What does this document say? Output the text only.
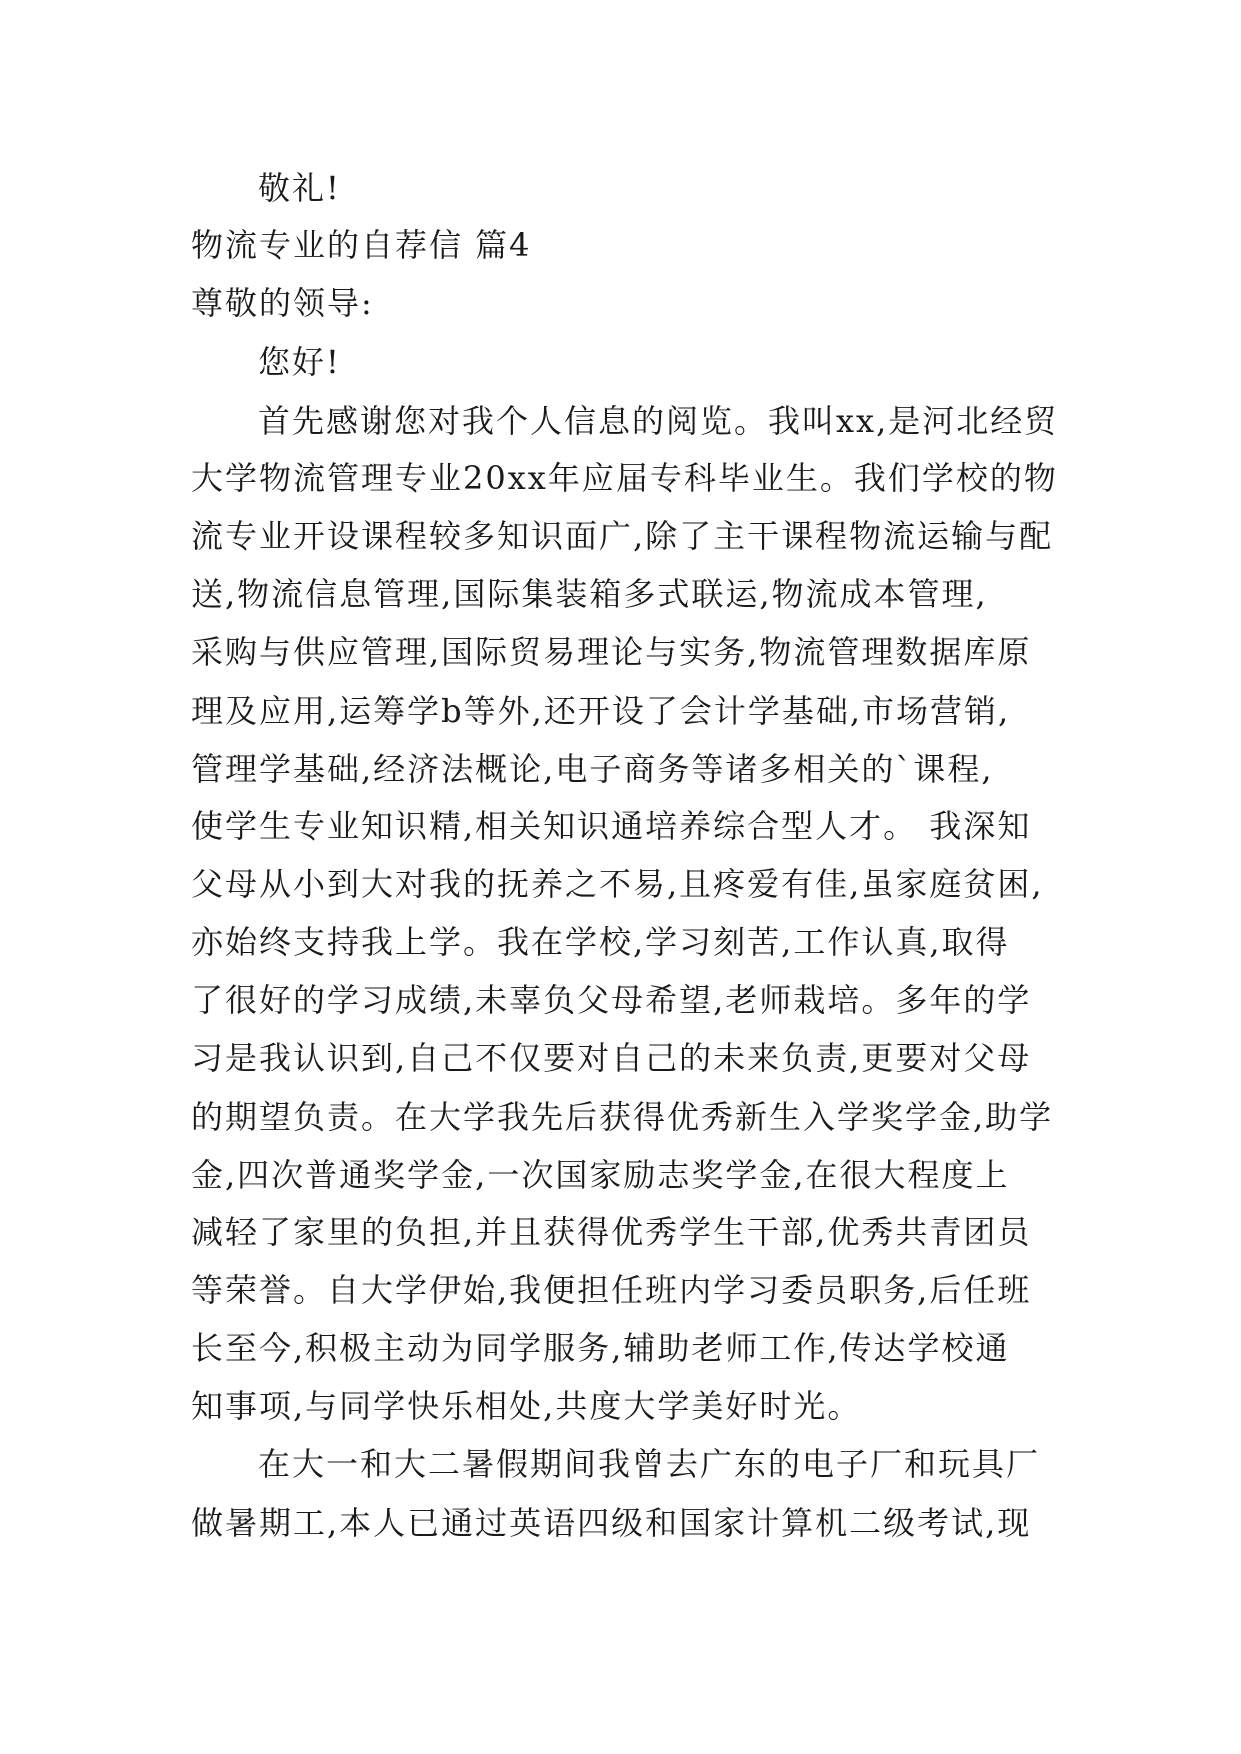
敬礼!
物流专业的自荐信 篇4
尊敬的领导:
您好!
首先感谢您对我个人信息的阅览。我叫xx,是河北经贸
大学物流管理专业20xx年应届专科毕业生。我们学校的物
流专业开设课程较多知识面广,除了主干课程物流运输与配
送,物流信息管理,国际集装箱多式联运,物流成本管理,
采购与供应管理,国际贸易理论与实务,物流管理数据库原
理及应用,运筹学b等外,还开设了会计学基础,市场营销,
管理学基础,经济法概论,电子商务等诸多相关的`课程,
使学生专业知识精,相关知识通培养综合型人才。 我深知
父母从小到大对我的抚养之不易,且疼爱有佳,虽家庭贫困,
亦始终支持我上学。我在学校,学习刻苦,工作认真,取得
了很好的学习成绩,未辜负父母希望,老师栽培。多年的学
习是我认识到,自己不仅要对自己的未来负责,更要对父母
的期望负责。在大学我先后获得优秀新生入学奖学金,助学
金,四次普通奖学金,一次国家励志奖学金,在很大程度上
减轻了家里的负担,并且获得优秀学生干部,优秀共青团员
等荣誉。自大学伊始,我便担任班内学习委员职务,后任班
长至今,积极主动为同学服务,辅助老师工作,传达学校通
知事项,与同学快乐相处,共度大学美好时光。
在大一和大二暑假期间我曾去广东的电子厂和玩具厂
做暑期工,本人已通过英语四级和国家计算机二级考试,现
